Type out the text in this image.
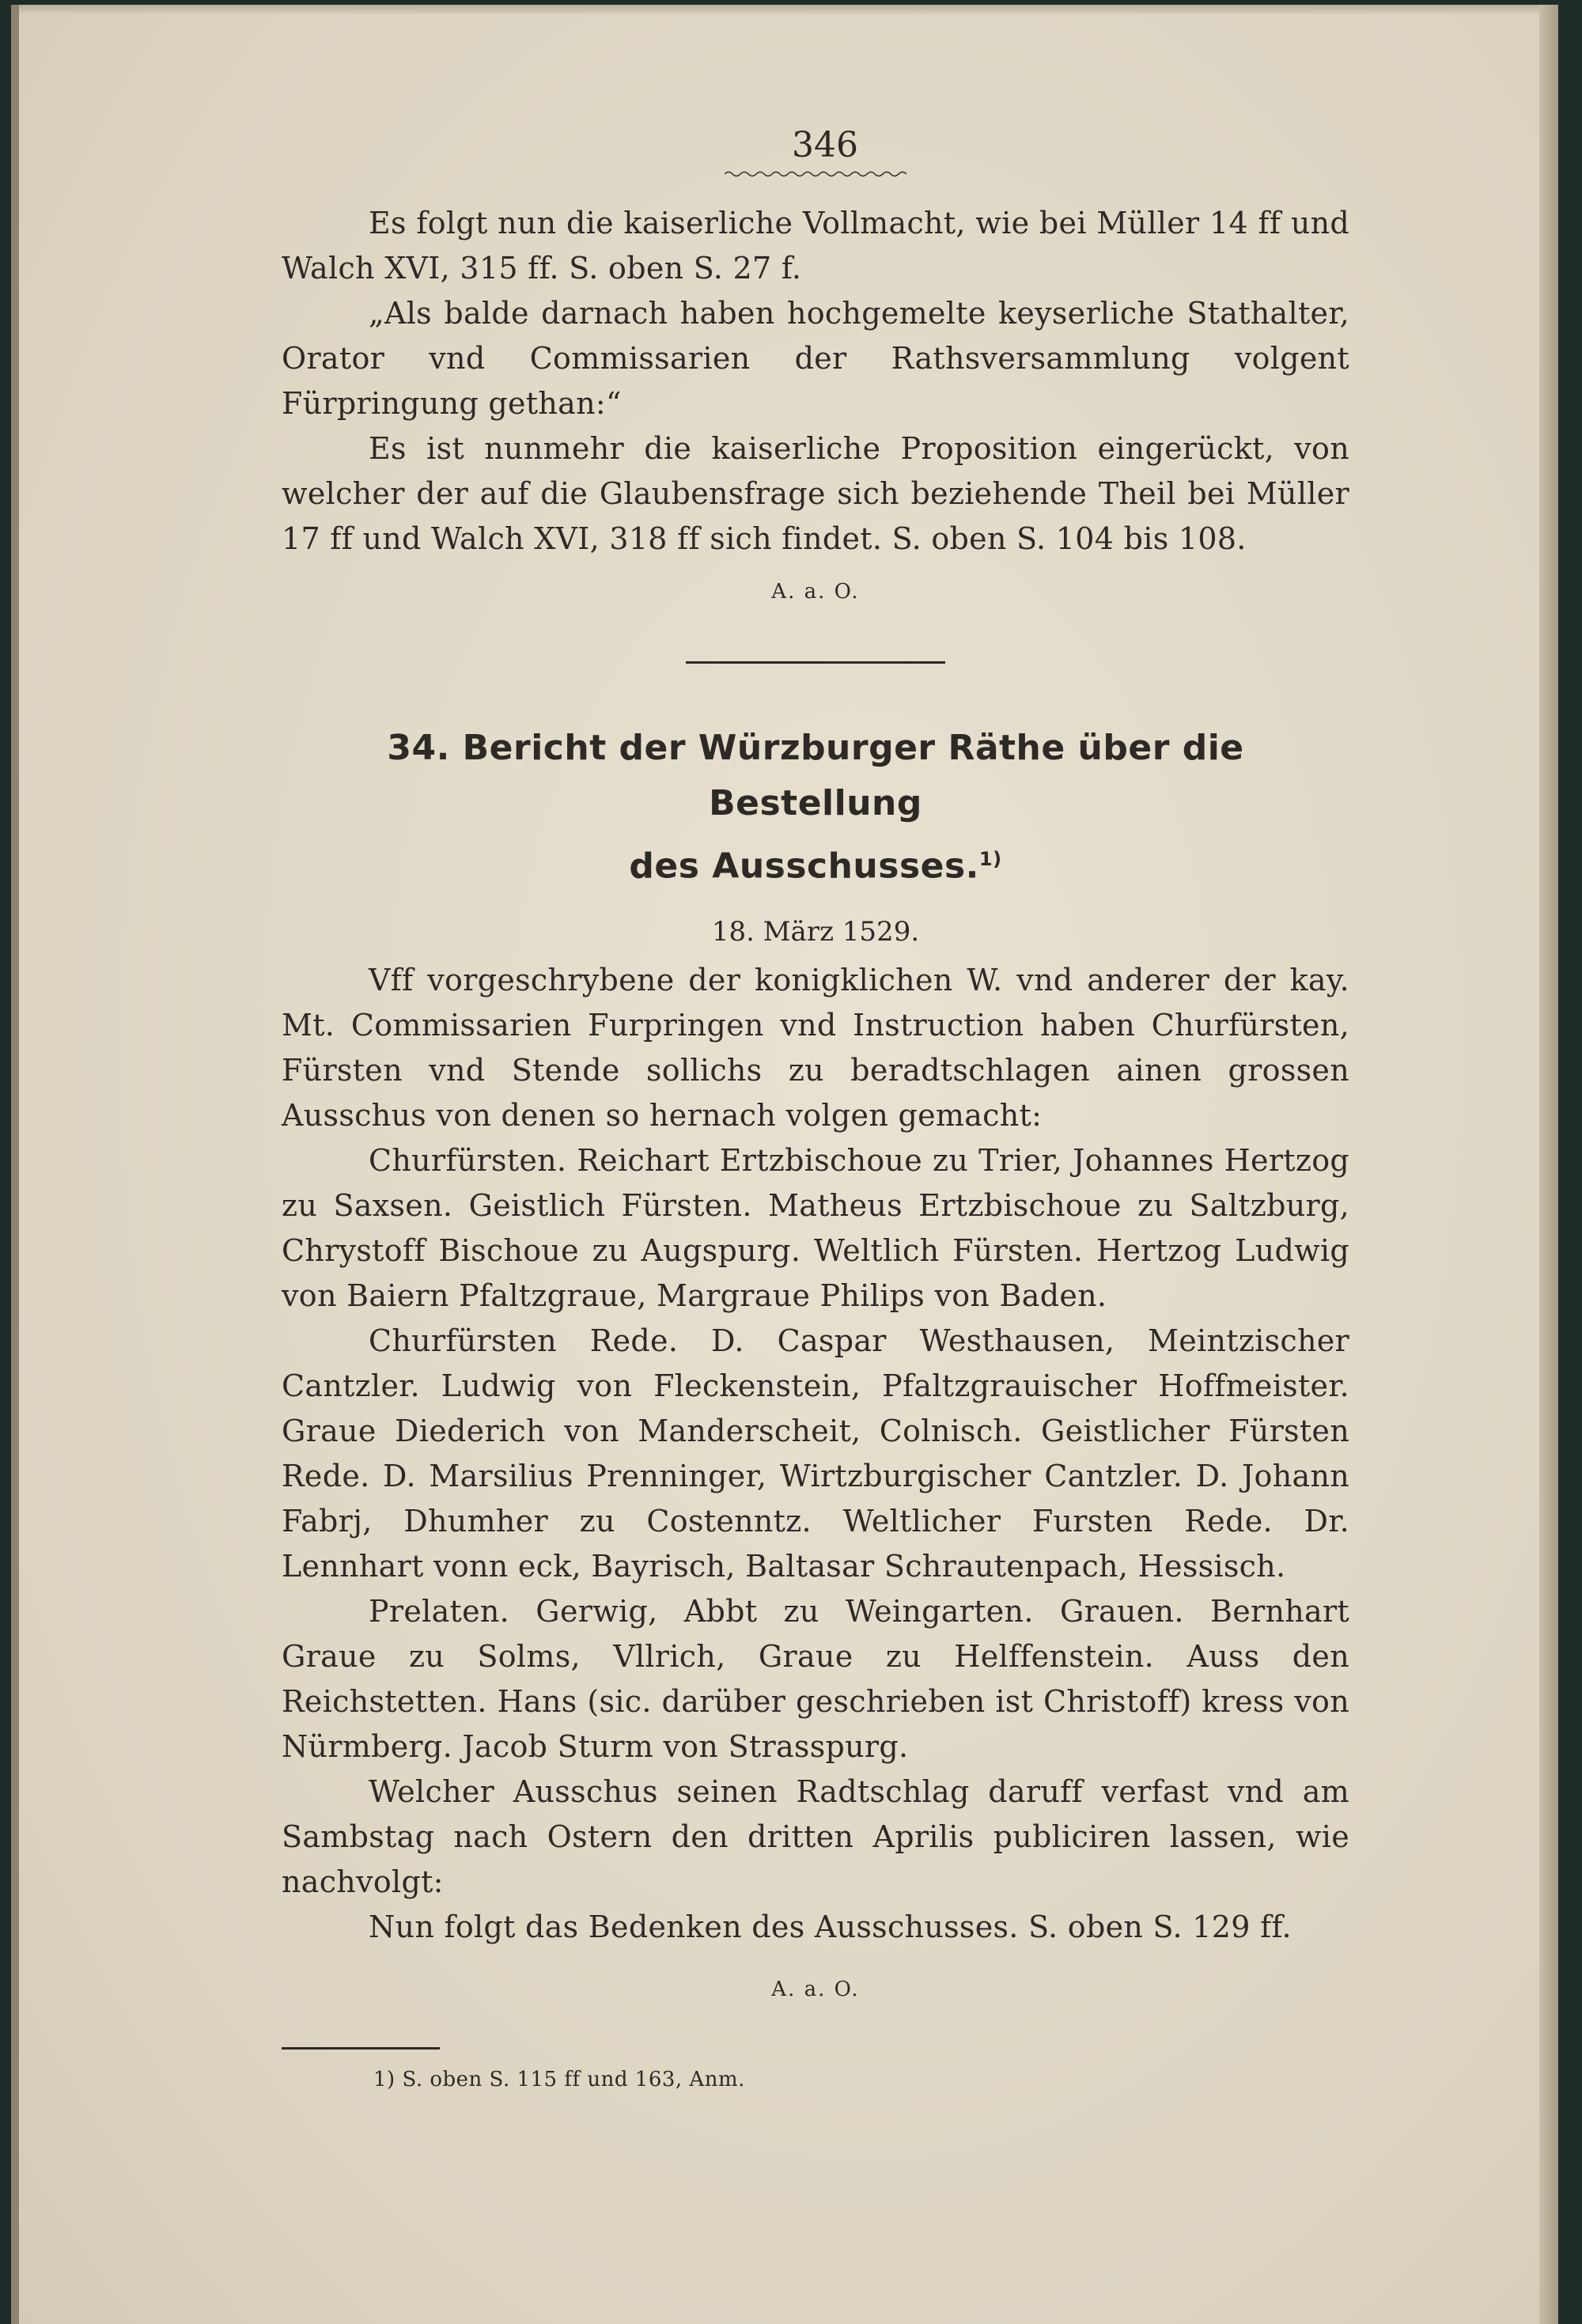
346

Es folgt nun die kaiserliche Vollmacht, wie bei Müller 14 ff und Walch XVI, 315 ff. S. oben S. 27 f.

„Als balde darnach haben hochgemelte keyserliche Stathalter, Orator vnd Commissarien der Rathsversammlung volgent Fürpringung gethan:“

Es ist nunmehr die kaiserliche Proposition eingerückt, von welcher der auf die Glaubensfrage sich beziehende Theil bei Müller 17 ff und Walch XVI, 318 ff sich findet. S. oben S. 104 bis 108.

A. a. O.
34. Bericht der Würzburger Räthe über die Bestellung
des Ausschusses.$^{1)}$
18. März 1529.

Vff vorgeschrybene der konigklichen W. vnd anderer der kay. Mt. Commissarien Furpringen vnd Instruction haben Churfürsten, Fürsten vnd Stende sollichs zu beradtschlagen ainen grossen Ausschus von denen so hernach volgen gemacht:

Churfürsten. Reichart Ertzbischoue zu Trier, Johannes Hertzog zu Saxsen. Geistlich Fürsten. Matheus Ertzbischoue zu Saltzburg, Chrystoff Bischoue zu Augspurg. Weltlich Fürsten. Hertzog Ludwig von Baiern Pfaltzgraue, Margraue Philips von Baden.

Churfürsten Rede. D. Caspar Westhausen, Meintzischer Cantzler. Ludwig von Fleckenstein, Pfaltzgrauischer Hoffmeister. Graue Diederich von Manderscheit, Colnisch. Geistlicher Fürsten Rede. D. Marsilius Prenninger, Wirtzburgischer Cantzler. D. Johann Fabrj, Dhumher zu Costenntz. Weltlicher Fursten Rede. Dr. Lennhart vonn eck, Bayrisch, Baltasar Schrautenpach, Hessisch.

Prelaten. Gerwig, Abbt zu Weingarten. Grauen. Bernhart Graue zu Solms, Vllrich, Graue zu Helffenstein. Auss den Reichstetten. Hans (sic. darüber geschrieben ist Christoff) kress von Nürmberg. Jacob Sturm von Strasspurg.

Welcher Ausschus seinen Radtschlag daruff verfast vnd am Sambstag nach Ostern den dritten Aprilis publiciren lassen, wie nachvolgt:

Nun folgt das Bedenken des Ausschusses. S. oben S. 129 ff.

A. a. O.
1) S. oben S. 115 ff und 163, Anm.
